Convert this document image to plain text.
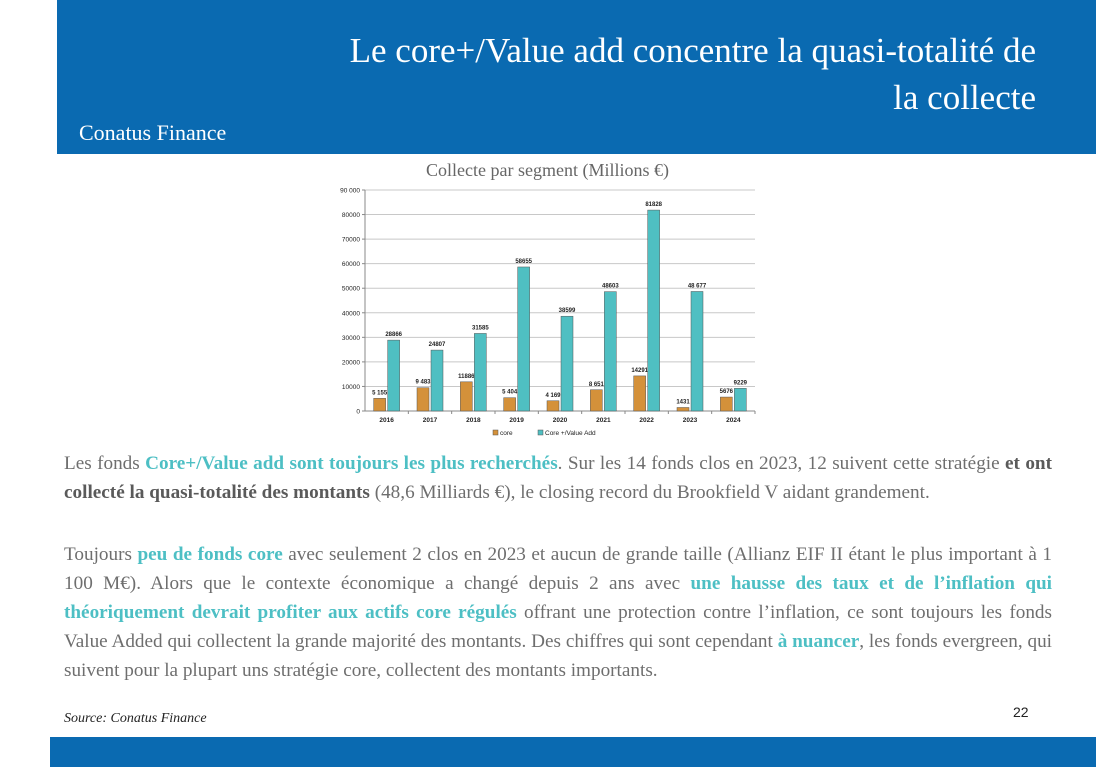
Le core+/Value add concentre la quasi-totalité de la collecte
Conatus Finance
Collecte par segment (Millions €)
0
10000
20000
30000
40000
50000
60000
70000
80000
90 000
5 155
28866
2016
9 483
24807
2017
11886
31585
2018
5 404
58655
2019
4 169
38599
2020
8 651
48603
2021
14291
81828
2022
1431
48 677
2023
5676
9229
2024
core	Core +/Value Add
Les fonds Core+/Value add sont toujours les plus recherchés. Sur les 14 fonds clos en 2023, 12 suivent cette stratégie et ont collecté la quasi-totalité des montants (48,6 Milliards €), le closing record du Brookfield V aidant grandement.
Toujours peu de fonds core avec seulement 2 clos en 2023 et aucun de grande taille (Allianz EIF II étant le plus important à 1 100 M€). Alors que le contexte économique a changé depuis 2 ans avec une hausse des taux et de l’inflation qui théoriquement devrait profiter aux actifs core régulés offrant une protection contre l’inflation, ce sont toujours les fonds Value Added qui collectent la grande majorité des montants. Des chiffres qui sont cependant à nuancer, les fonds evergreen, qui suivent pour la plupart uns stratégie core, collectent des montants importants.
Source: Conatus Finance	22
